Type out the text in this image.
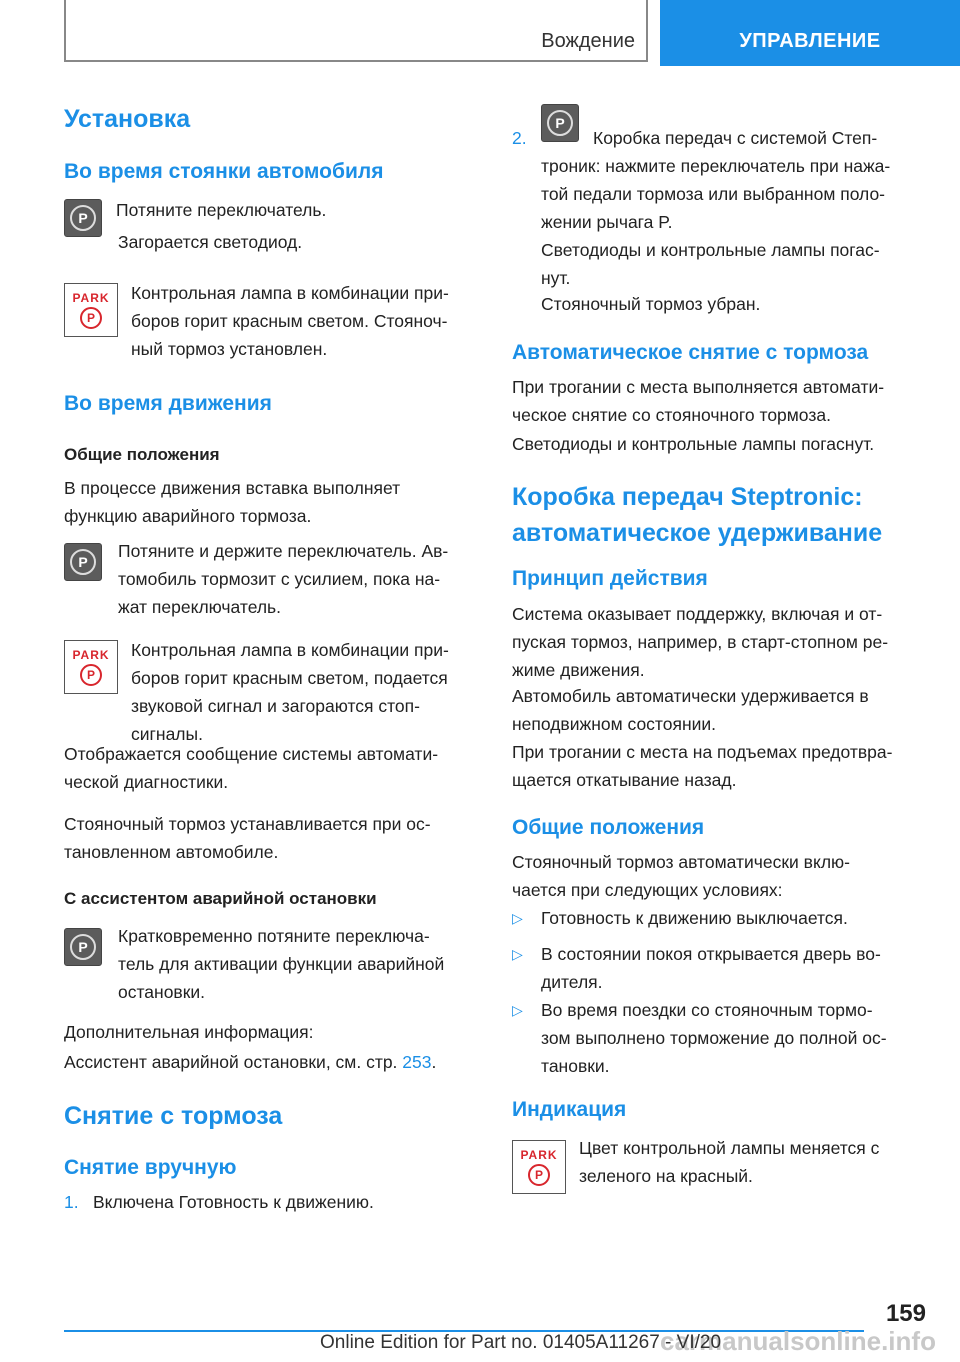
Вождение	УПРАВЛЕНИЕ
Установка
Во время стоянки автомобиля
P	Потяните переключатель.
Загорается светодиод.
PARK
P
Контрольная лампа в комбинации при-
боров горит красным светом. Стояноч-
ный тормоз установлен.
Во время движения
Общие положения
В процессе движения вставка выполняет
функцию аварийного тормоза.
P
Потяните и держите переключатель. Ав-
томобиль тормозит с усилием, пока на-
жат переключатель.
PARK
P
Контрольная лампа в комбинации при-
боров горит красным светом, подается
звуковой сигнал и загораются стоп-
сигналы.
Отображается сообщение системы автомати-
ческой диагностики.
Стояночный тормоз устанавливается при ос-
тановленном автомобиле.
С ассистентом аварийной остановки
P
Кратковременно потяните переключа-
тель для активации функции аварийной
остановки.
Дополнительная информация:
Ассистент аварийной остановки, см. стр. 253.
Снятие с тормоза
Снятие вручную
1. Включена Готовность к движению.
2.
P
Коробка передач с системой Степ-
троник: нажмите переключатель при нажа-
той педали тормоза или выбранном поло-
жении рычага P.
Светодиоды и контрольные лампы погас-
нут.
Стояночный тормоз убран.
Автоматическое снятие с тормоза
При трогании с места выполняется автомати-
ческое снятие со стояночного тормоза.
Светодиоды и контрольные лампы погаснут.
Коробка передач Steptronic:
автоматическое удерживание
Принцип действия
Система оказывает поддержку, включая и от-
пуская тормоз, например, в старт-стопном ре-
жиме движения.
Автомобиль автоматически удерживается в
неподвижном состоянии.
При трогании с места на подъемах предотвра-
щается откатывание назад.
Общие положения
Стояночный тормоз автоматически вклю-
чается при следующих условиях:
▷ Готовность к движению выключается.
▷ В состоянии покоя открывается дверь во-
дителя.
▷ Во время поездки со стояночным тормо-
зом выполнено торможение до полной ос-
тановки.
Индикация
PARK
P
Цвет контрольной лампы меняется с
зеленого на красный.
159
carmanualsonline.info
Online Edition for Part no. 01405A11267 - VI/20
